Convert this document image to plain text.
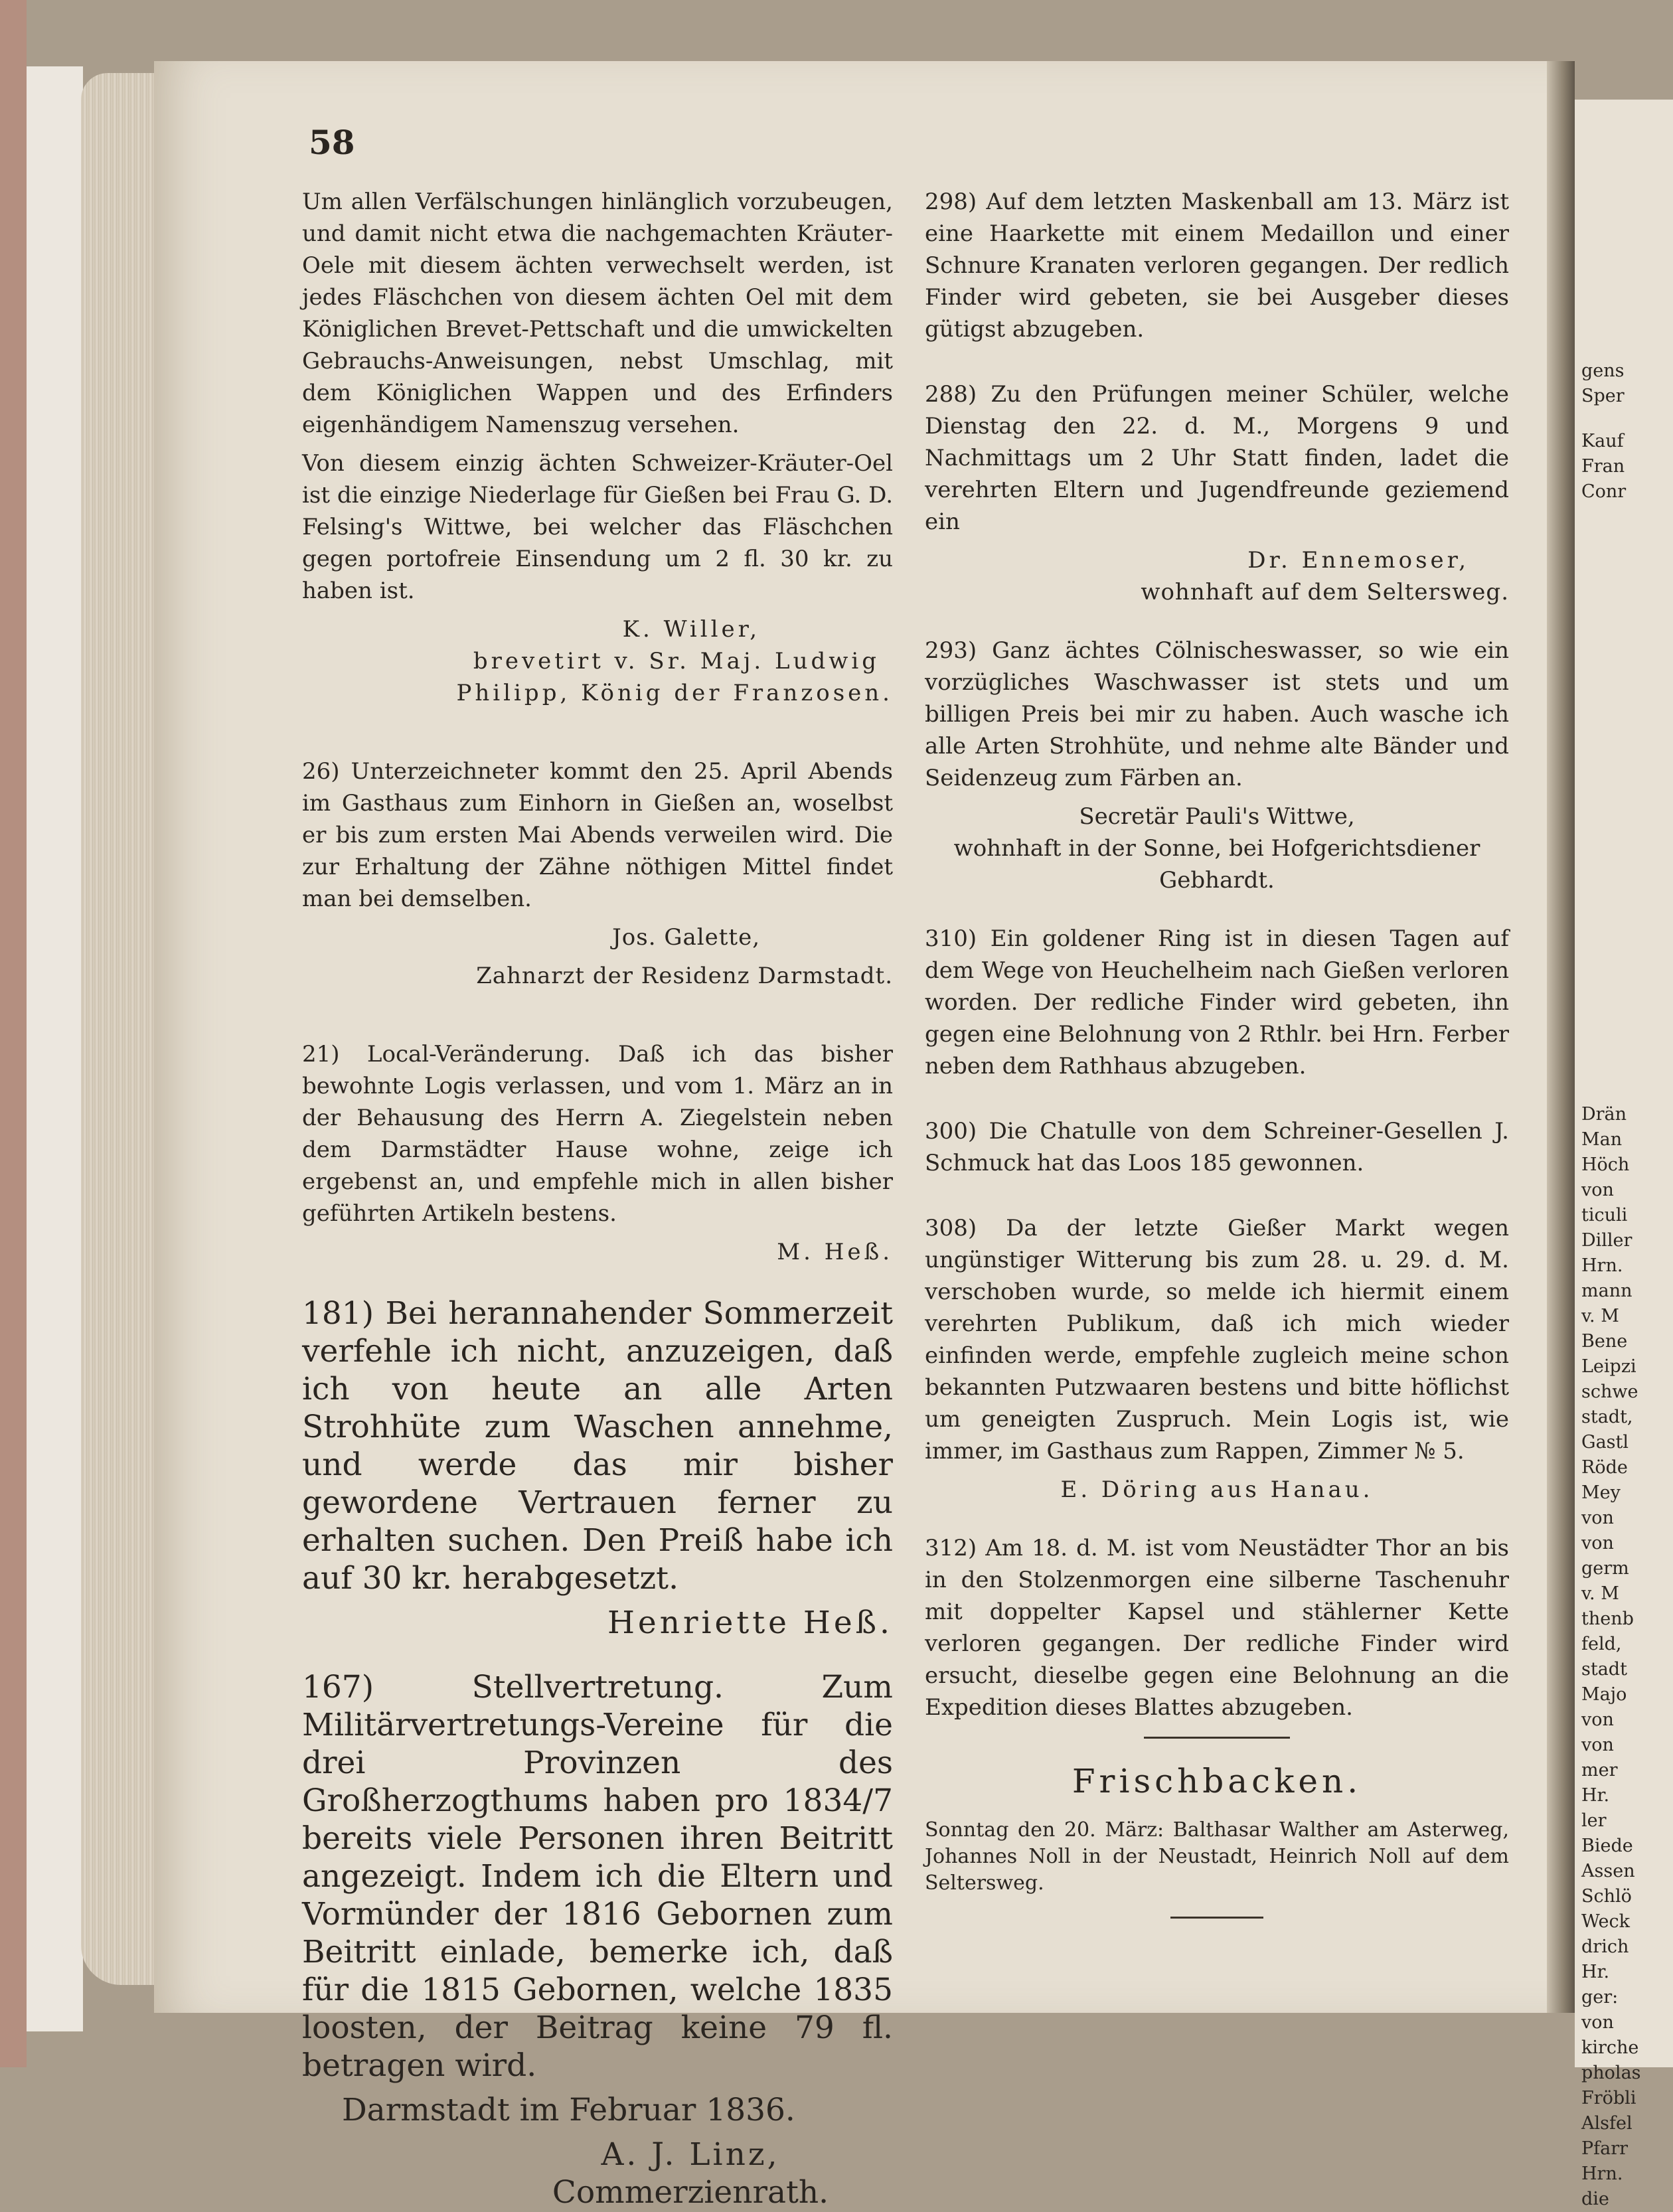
gens
Sper
Kauf
Fran
Conr
Drän
Man
Höch
von
ticuli
Diller
Hrn.
mann
v. M
Bene
Leipzi
schwe
stadt,
Gastl
Röde
Mey
von
von
germ
v. M
thenb
feld,
stadt
Majo
von
von
mer
Hr.
ler
Biede
Assen
Schlö
Weck
drich
Hr.
ger:
von
kirche
pholas
Fröbli
Alsfel
Pfarr
Hrn.
die
58

Um allen Verfälschungen hinlänglich vorzubeugen, und damit nicht etwa die nachgemachten Kräuter-Oele mit diesem ächten verwechselt werden, ist jedes Fläschchen von diesem ächten Oel mit dem Königlichen Brevet-Pettschaft und die umwickelten Gebrauchs-Anweisungen, nebst Umschlag, mit dem Königlichen Wappen und des Erfinders eigenhändigem Namenszug versehen.

Von diesem einzig ächten Schweizer-Kräuter-Oel ist die einzige Niederlage für Gießen bei Frau G. D. Felsing's Wittwe, bei welcher das Fläschchen gegen portofreie Einsendung um 2 fl. 30 kr. zu haben ist.

K. Willer,

brevetirt v. Sr. Maj. Ludwig

Philipp, König der Franzosen.

26) Unterzeichneter kommt den 25. April Abends im Gasthaus zum Einhorn in Gießen an, woselbst er bis zum ersten Mai Abends verweilen wird. Die zur Erhaltung der Zähne nöthigen Mittel findet man bei demselben.

Jos. Galette,

Zahnarzt der Residenz Darmstadt.

21) Local-Veränderung. Daß ich das bisher bewohnte Logis verlassen, und vom 1. März an in der Behausung des Herrn A. Ziegelstein neben dem Darmstädter Hause wohne, zeige ich ergebenst an, und empfehle mich in allen bisher geführten Artikeln bestens.

M. Heß.

181) Bei herannahender Sommerzeit verfehle ich nicht, anzuzeigen, daß ich von heute an alle Arten Strohhüte zum Waschen annehme, und werde das mir bisher gewordene Vertrauen ferner zu erhalten suchen. Den Preiß habe ich auf 30 kr. herabgesetzt.

Henriette Heß.

167) Stellvertretung. Zum Militärvertretungs-Vereine für die drei Provinzen des Großherzogthums haben pro 1834/7 bereits viele Personen ihren Beitritt angezeigt. Indem ich die Eltern und Vormünder der 1816 Gebornen zum Beitritt einlade, bemerke ich, daß für die 1815 Gebornen, welche 1835 loosten, der Beitrag keine 79 fl. betragen wird.

Darmstadt im Februar 1836.

A. J. Linz,

Commerzienrath.

298) Auf dem letzten Maskenball am 13. März ist eine Haarkette mit einem Medaillon und einer Schnure Kranaten verloren gegangen. Der redlich Finder wird gebeten, sie bei Ausgeber dieses gütigst abzugeben.

288) Zu den Prüfungen meiner Schüler, welche Dienstag den 22. d. M., Morgens 9 und Nachmittags um 2 Uhr Statt finden, ladet die verehrten Eltern und Jugendfreunde geziemend ein

Dr. Ennemoser,

wohnhaft auf dem Seltersweg.

293) Ganz ächtes Cölnischeswasser, so wie ein vorzügliches Waschwasser ist stets und um billigen Preis bei mir zu haben. Auch wasche ich alle Arten Strohhüte, und nehme alte Bänder und Seidenzeug zum Färben an.

Secretär Pauli's Wittwe,

wohnhaft in der Sonne, bei Hofgerichtsdiener Gebhardt.

310) Ein goldener Ring ist in diesen Tagen auf dem Wege von Heuchelheim nach Gießen verloren worden. Der redliche Finder wird gebeten, ihn gegen eine Belohnung von 2 Rthlr. bei Hrn. Ferber neben dem Rathhaus abzugeben.

300) Die Chatulle von dem Schreiner-Gesellen J. Schmuck hat das Loos 185 gewonnen.

308) Da der letzte Gießer Markt wegen ungünstiger Witterung bis zum 28. u. 29. d. M. verschoben wurde, so melde ich hiermit einem verehrten Publikum, daß ich mich wieder einfinden werde, empfehle zugleich meine schon bekannten Putzwaaren bestens und bitte höflichst um geneigten Zuspruch. Mein Logis ist, wie immer, im Gasthaus zum Rappen, Zimmer № 5.

E. Döring aus Hanau.

312) Am 18. d. M. ist vom Neustädter Thor an bis in den Stolzenmorgen eine silberne Taschenuhr mit doppelter Kapsel und stählerner Kette verloren gegangen. Der redliche Finder wird ersucht, dieselbe gegen eine Belohnung an die Expedition dieses Blattes abzugeben.

Frischbacken.

Sonntag den 20. März: Balthasar Walther am Asterweg, Johannes Noll in der Neustadt, Heinrich Noll auf dem Seltersweg.
